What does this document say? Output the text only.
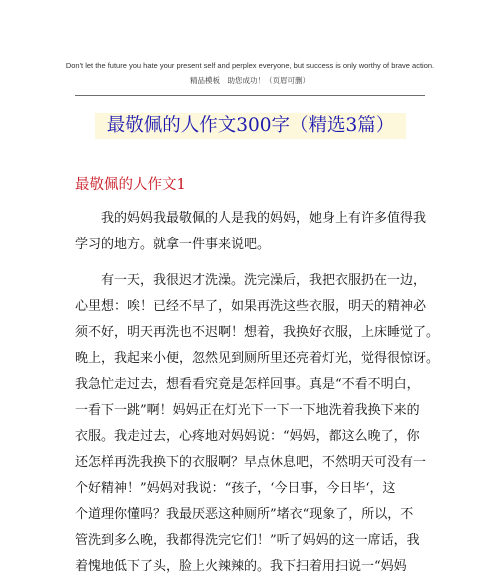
Don't let the future you hate your present self and perplex everyone, but success is only worthy of brave action.
精品模板　助您成功！（页眉可删）
最敬佩的人作文300字（精选3篇）
最敬佩的人作文1
我的妈妈我最敬佩的人是我的妈妈，她身上有许多值得我
学习的地方。就拿一件事来说吧。
有一天，我很迟才洗澡。洗完澡后，我把衣服扔在一边，
心里想：唉！已经不早了，如果再洗这些衣服，明天的精神必
须不好，明天再洗也不迟啊！想着，我换好衣服，上床睡觉了。
晚上，我起来小便，忽然见到厕所里还亮着灯光，觉得很惊讶。
我急忙走过去，想看看究竟是怎样回事。真是“不看不明白，
一看下一跳”啊！妈妈正在灯光下一下一下地洗着我换下来的
衣服。我走过去，心疼地对妈妈说：“妈妈，都这么晚了，你
还怎样再洗我换下的衣服啊？早点休息吧，不然明天可没有一
个好精神！”妈妈对我说：“孩子，‘今日事，今日毕‘，这
个道理你懂吗？我最厌恶这种厕所”堵衣“现象了，所以，不
管洗到多么晚，我都得洗完它们！”听了妈妈的这一席话，我
着愧地低下了头，脸上火辣辣的。我下扫着用扫说一“妈妈
